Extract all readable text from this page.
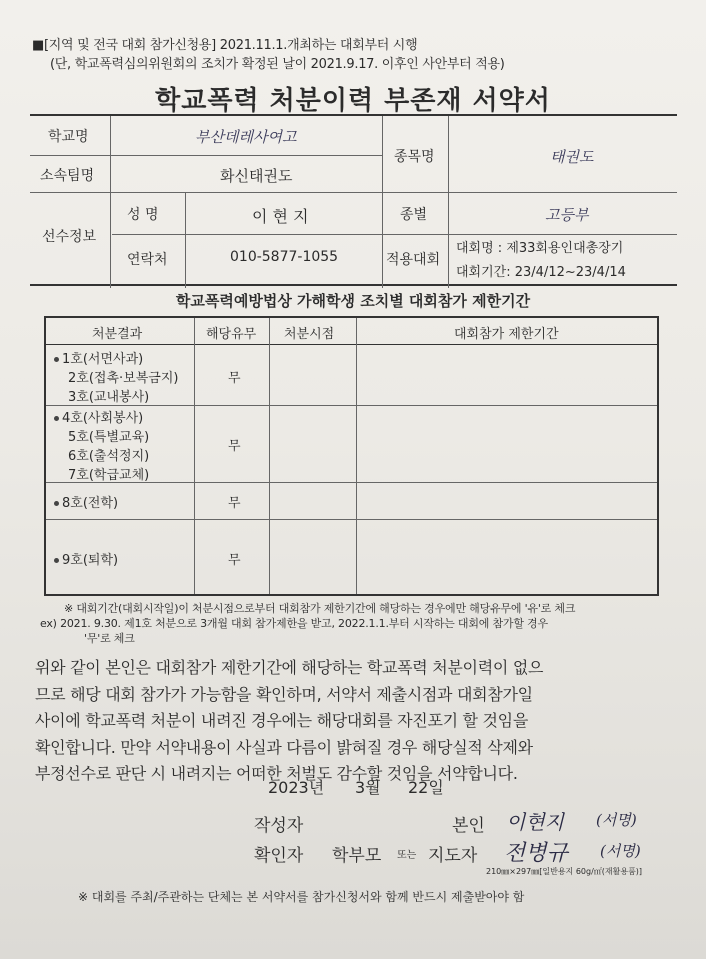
■[지역 및 전국 대회 참가신청용] 2021.11.1.개최하는 대회부터 시행
(단, 학교폭력심의위원회의 조치가 확정된 날이 2021.9.17. 이후인 사안부터 적용)
학교폭력 처분이력 부존재 서약서
학교명	부산데레사여고
소속팀명	화신태권도
종목명	태권도
선수정보
성 명	이 현 지
연락처	010-5877-1055
종별	고등부
적용대회
대회명 : 제33회용인대총장기
대회기간: 23/4/12~23/4/14
학교폭력예방법상 가해학생 조치별 대회참가 제한기간
처분결과	해당유무 처분시점	대회참가 제한기간
1호(서면사과)
2호(접촉·보복금지)
3호(교내봉사)
무
4호(사회봉사)
5호(특별교육)
6호(출석정지)
7호(학급교체)
무
8호(전학)	무
9호(퇴학)	무
※ 대회기간(대회시작일)이 처분시점으로부터 대회참가 제한기간에 해당하는 경우에만 해당유무에 '유'로 체크
ex) 2021. 9.30. 제1호 처분으로 3개월 대회 참가제한을 받고, 2022.1.1.부터 시작하는 대회에 참가할 경우
'무'로 체크
위와 같이 본인은 대회참가 제한기간에 해당하는 학교폭력 처분이력이 없으
므로 해당 대회 참가가 가능함을 확인하며, 서약서 제출시점과 대회참가일
사이에 학교폭력 처분이 내려진 경우에는 해당대회를 자진포기 할 것임을
확인합니다. 만약 서약내용이 사실과 다름이 밝혀질 경우 해당실적 삭제와
부정선수로 판단 시 내려지는 어떠한 처벌도 감수할 것임을 서약합니다.
2023년 3월 22일
작성자	본인 이현지 (서명)
확인자 학부모 또는 지도자 전병규 (서명)
210㎜×297㎜[일반용지 60g/㎡(재활용품)]
※ 대회를 주최/주관하는 단체는 본 서약서를 참가신청서와 함께 반드시 제출받아야 함
